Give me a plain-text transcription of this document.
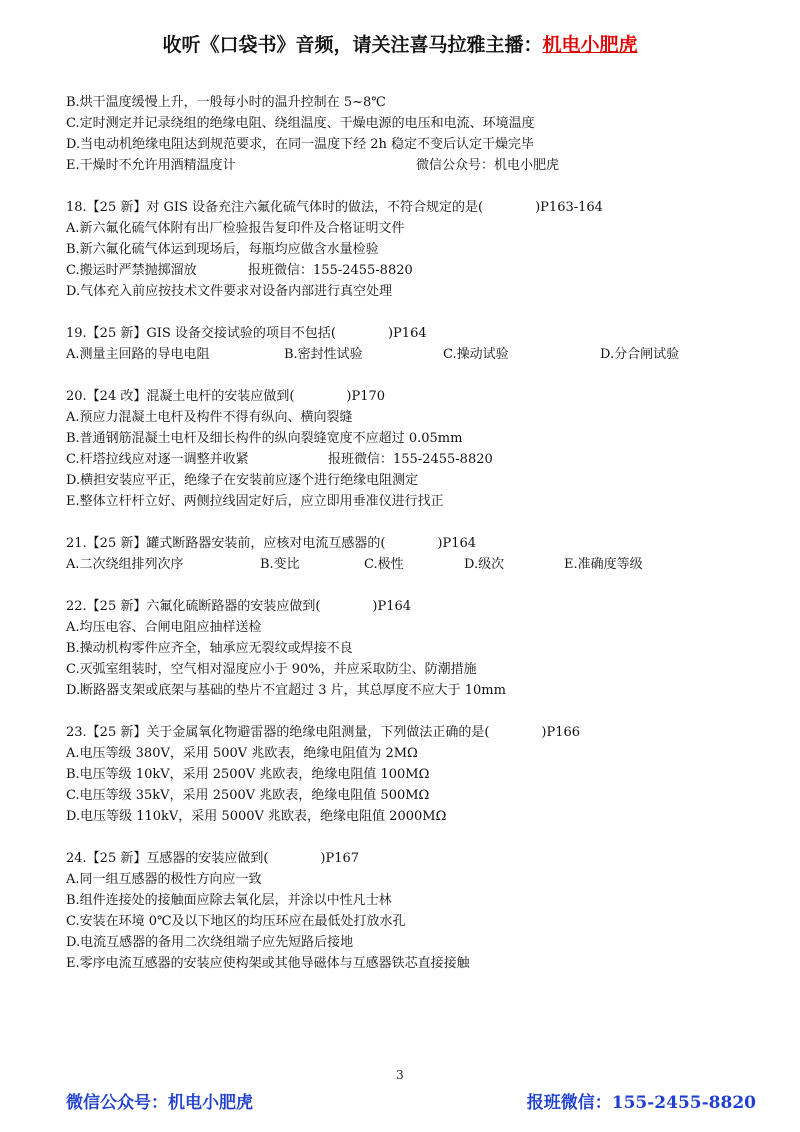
收听《口袋书》音频，请关注喜马拉雅主播：机电小肥虎
B.烘干温度缓慢上升，一般每小时的温升控制在 5~8℃
C.定时测定并记录绕组的绝缘电阻、绕组温度、干燥电源的电压和电流、环境温度
D.当电动机绝缘电阻达到规范要求，在同一温度下经 2h 稳定不变后认定干燥完毕
E.干燥时不允许用酒精温度计	微信公众号：机电小肥虎
18.【25 新】对 GIS 设备充注六氟化硫气体时的做法，不符合规定的是(　　　　)P163-164
A.新六氟化硫气体附有出厂检验报告复印件及合格证明文件
B.新六氟化硫气体运到现场后，每瓶均应做含水量检验
C.搬运时严禁抛掷溜放	报班微信：155-2455-8820
D.气体充入前应按技术文件要求对设备内部进行真空处理
19.【25 新】GIS 设备交接试验的项目不包括(　　　　)P164
A.测量主回路的导电电阻	B.密封性试验	C.操动试验	D.分合闸试验
20.【24 改】混凝土电杆的安装应做到(　　　　)P170
A.预应力混凝土电杆及构件不得有纵向、横向裂缝
B.普通钢筋混凝土电杆及细长构件的纵向裂缝宽度不应超过 0.05mm
C.杆塔拉线应对逐一调整并收紧	报班微信：155-2455-8820
D.横担安装应平正，绝缘子在安装前应逐个进行绝缘电阻测定
E.整体立杆杆立好、两侧拉线固定好后，应立即用垂准仪进行找正
21.【25 新】罐式断路器安装前，应核对电流互感器的(　　　　)P164
A.二次绕组排列次序	B.变比	C.极性	D.级次	E.准确度等级
22.【25 新】六氟化硫断路器的安装应做到(　　　　)P164
A.均压电容、合闸电阻应抽样送检
B.操动机构零件应齐全，轴承应无裂纹或焊接不良
C.灭弧室组装时，空气相对湿度应小于 90%，并应采取防尘、防潮措施
D.断路器支架或底架与基础的垫片不宜超过 3 片，其总厚度不应大于 10mm
23.【25 新】关于金属氧化物避雷器的绝缘电阻测量，下列做法正确的是(　　　　)P166
A.电压等级 380V，采用 500V 兆欧表，绝缘电阻值为 2MΩ
B.电压等级 10kV，采用 2500V 兆欧表，绝缘电阻值 100MΩ
C.电压等级 35kV，采用 2500V 兆欧表，绝缘电阻值 500MΩ
D.电压等级 110kV，采用 5000V 兆欧表，绝缘电阻值 2000MΩ
24.【25 新】互感器的安装应做到(　　　　)P167
A.同一组互感器的极性方向应一致
B.组件连接处的接触面应除去氧化层，并涂以中性凡士林
C.安装在环境 0℃及以下地区的均压环应在最低处打放水孔
D.电流互感器的备用二次绕组端子应先短路后接地
E.零序电流互感器的安装应使构架或其他导磁体与互感器铁芯直接接触
3
微信公众号：机电小肥虎	报班微信：155-2455-8820
